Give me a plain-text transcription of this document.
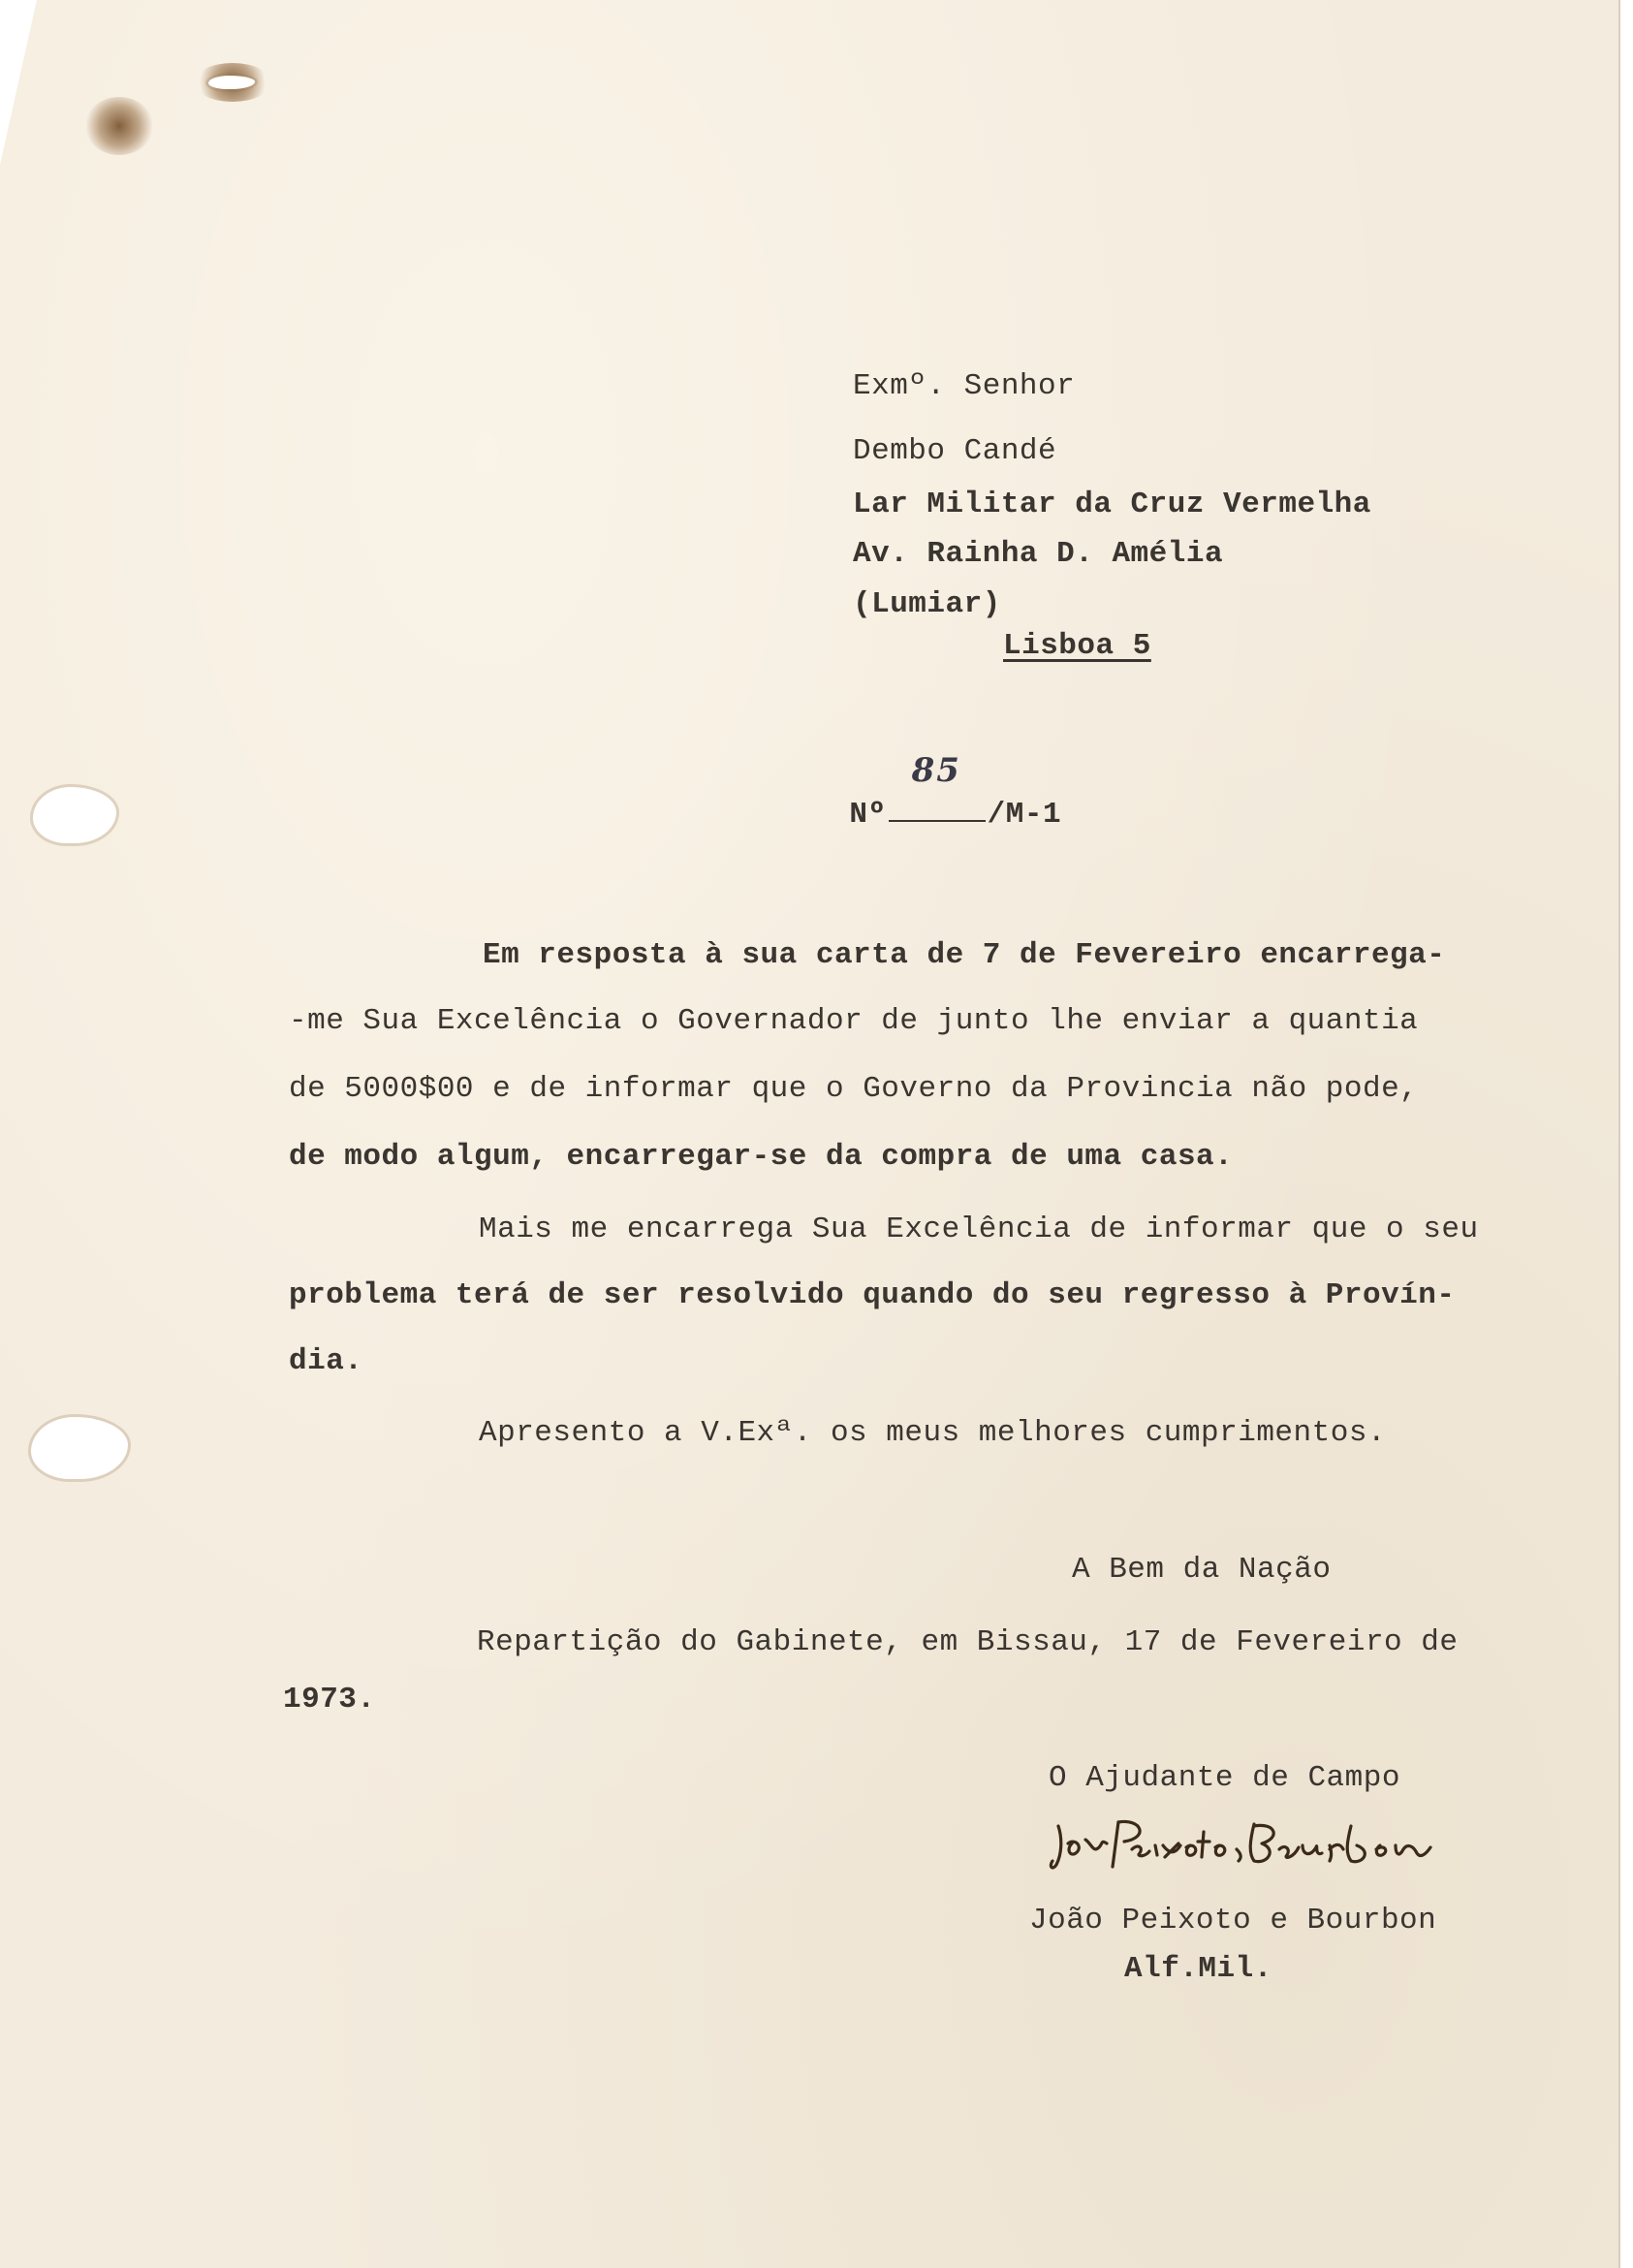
Exmº. Senhor
Dembo Candé
Lar Militar da Cruz Vermelha
Av. Rainha D. Amélia
(Lumiar)
Lisboa 5

Nº
85
/M-1

Em resposta à sua carta de 7 de Fevereiro encarrega-
-me Sua Excelência o Governador de junto lhe enviar a quantia
de 5000$00 e de informar que o Governo da Provincia não pode,
de modo algum, encarregar-se da compra de uma casa.
Mais me encarrega Sua Excelência de informar que o seu
problema terá de ser resolvido quando do seu regresso à Provín-
dia.
Apresento a V.Exª. os meus melhores cumprimentos.
A Bem da Nação
Repartição do Gabinete, em Bissau, 17 de Fevereiro de
1973.
O Ajudante de Campo
João Peixoto e Bourbon
Alf.Mil.
